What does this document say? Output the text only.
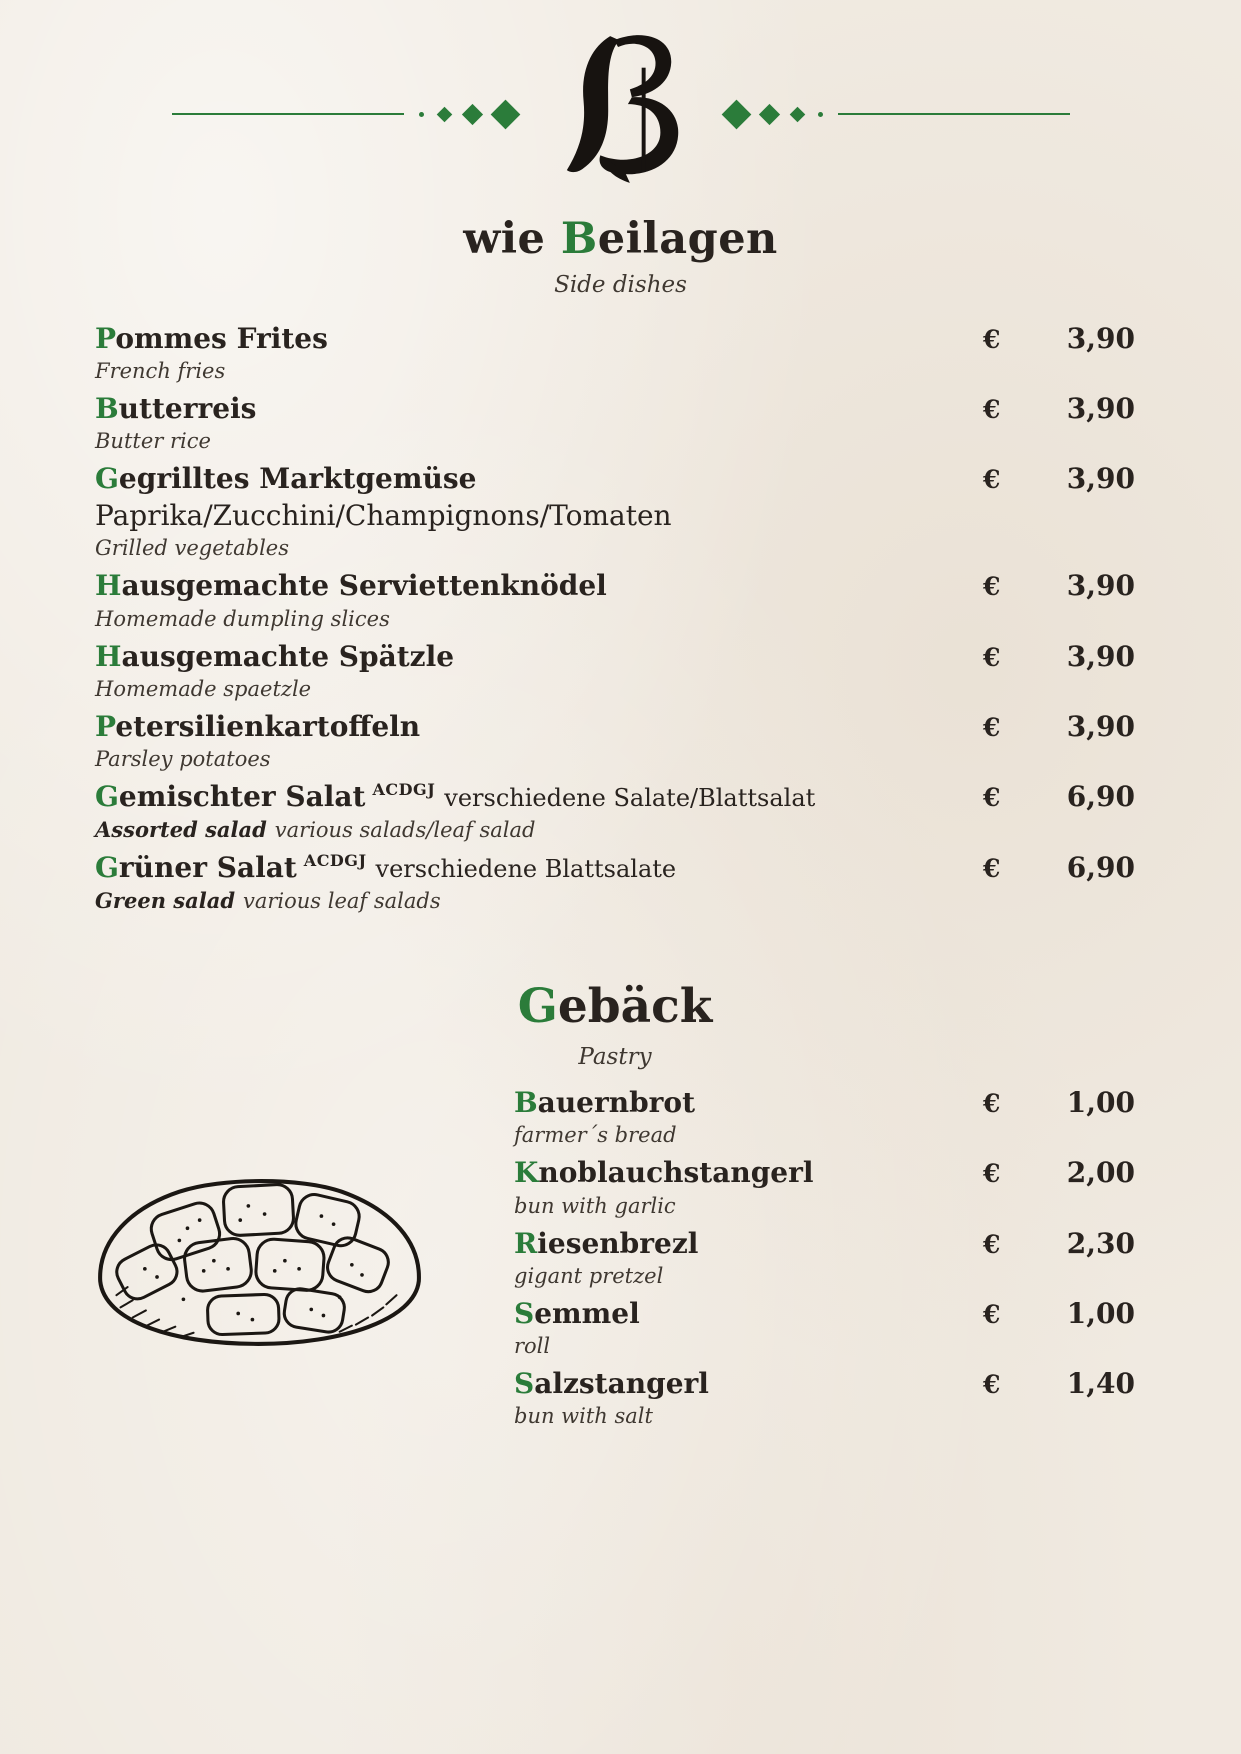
wie Beilagen
Side dishes
Pommes Frites	€	3,90
French fries
Butterreis	€	3,90
Butter rice
Gegrilltes Marktgemüse	€	3,90
Paprika/Zucchini/Champignons/Tomaten
Grilled vegetables
Hausgemachte Serviettenknödel	€	3,90
Homemade dumpling slices
Hausgemachte Spätzle	€	3,90
Homemade spaetzle
Petersilienkartoffeln	€	3,90
Parsley potatoes
Gemischter Salat $^{ACDGJ}$ verschiedene Salate/Blattsalat	€	6,90
Assorted salad various salads/leaf salad
Grüner Salat $^{ACDGJ}$ verschiedene Blattsalate	€	6,90
Green salad various leaf salads
Gebäck
Pastry
Bauernbrot	€	1,00
farmer´s bread
Knoblauchstangerl	€	2,00
bun with garlic
Riesenbrezl	€	2,30
gigant pretzel
Semmel	€	1,00
roll
Salzstangerl	€	1,40
bun with salt
